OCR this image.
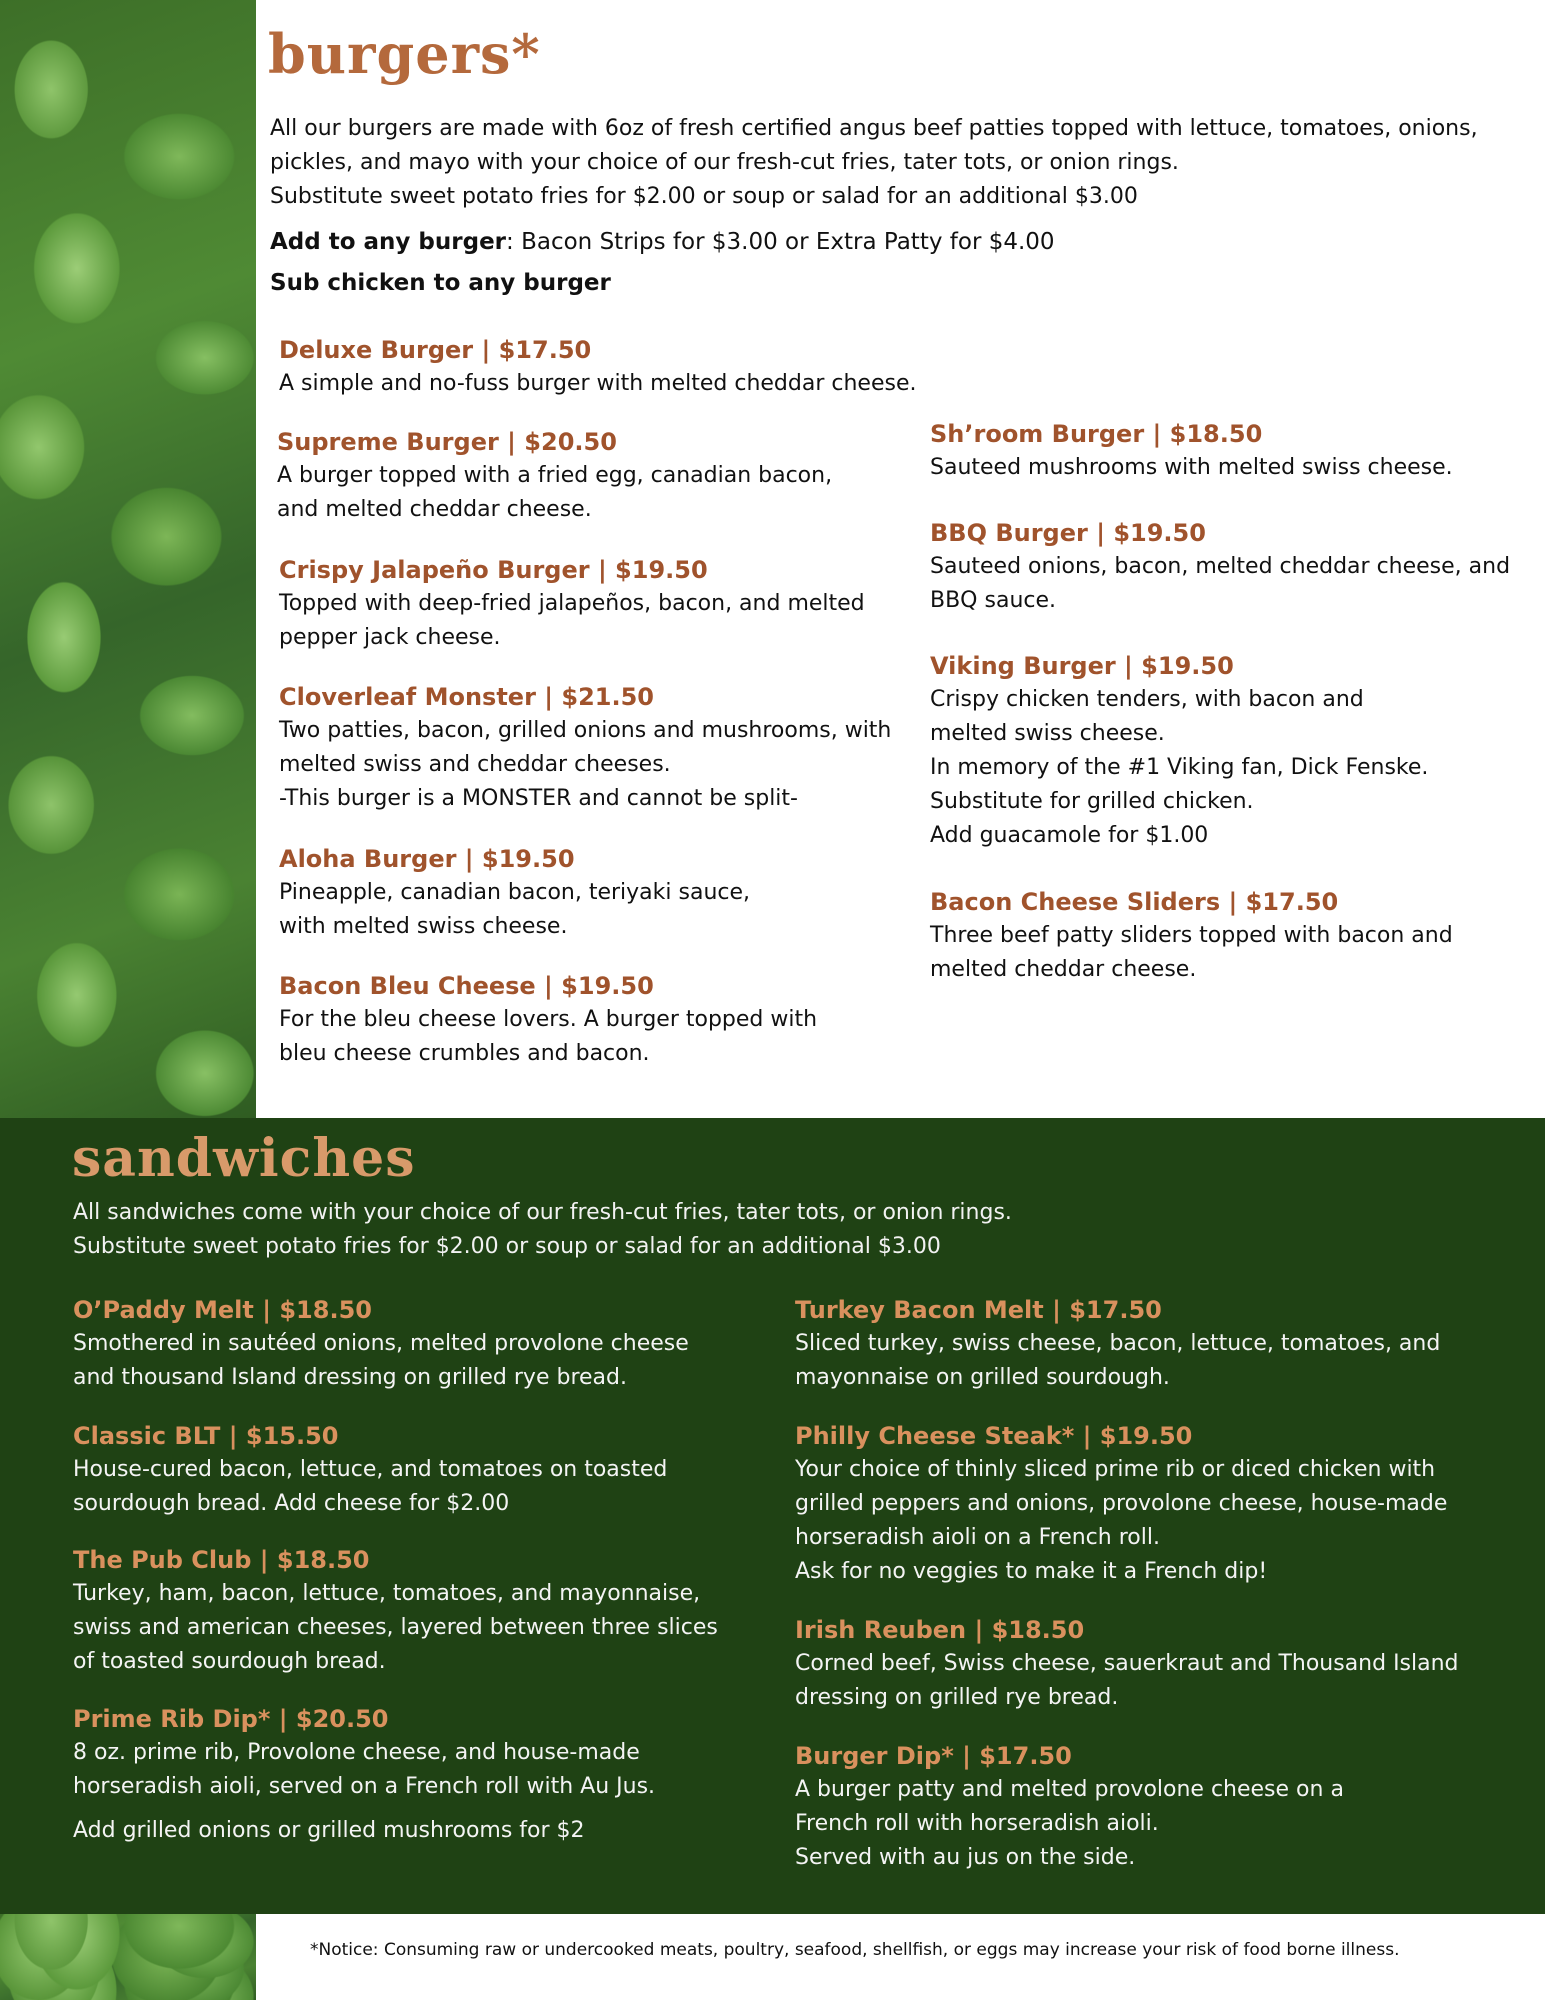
burgers*

All our burgers are made with 6oz of fresh certified angus beef patties topped with lettuce, tomatoes, onions,

pickles, and mayo with your choice of our fresh-cut fries, tater tots, or onion rings.

Substitute sweet potato fries for $2.00 or soup or salad for an additional $3.00

Add to any burger: Bacon Strips for $3.00 or Extra Patty for $4.00
Sub chicken to any burger
Deluxe Burger | $17.50
A simple and no-fuss burger with melted cheddar cheese.
Supreme Burger | $20.50
A burger topped with a fried egg, canadian bacon,
and melted cheddar cheese.
Crispy Jalapeño Burger | $19.50
Topped with deep-fried jalapeños, bacon, and melted
pepper jack cheese.
Cloverleaf Monster | $21.50
Two patties, bacon, grilled onions and mushrooms, with
melted swiss and cheddar cheeses.
-This burger is a MONSTER and cannot be split-
Aloha Burger | $19.50
Pineapple, canadian bacon, teriyaki sauce,
with melted swiss cheese.
Bacon Bleu Cheese | $19.50
For the bleu cheese lovers. A burger topped with
bleu cheese crumbles and bacon.
Sh’room Burger | $18.50
Sauteed mushrooms with melted swiss cheese.
BBQ Burger | $19.50
Sauteed onions, bacon, melted cheddar cheese, and
BBQ sauce.
Viking Burger | $19.50
Crispy chicken tenders, with bacon and
melted swiss cheese.
In memory of the #1 Viking fan, Dick Fenske.
Substitute for grilled chicken.
Add guacamole for $1.00
Bacon Cheese Sliders | $17.50
Three beef patty sliders topped with bacon and
melted cheddar cheese.
sandwiches

All sandwiches come with your choice of our fresh-cut fries, tater tots, or onion rings.

Substitute sweet potato fries for $2.00 or soup or salad for an additional $3.00

O’Paddy Melt | $18.50
Smothered in sautéed onions, melted provolone cheese
and thousand Island dressing on grilled rye bread.
Classic BLT | $15.50
House-cured bacon, lettuce, and tomatoes on toasted
sourdough bread. Add cheese for $2.00
The Pub Club | $18.50
Turkey, ham, bacon, lettuce, tomatoes, and mayonnaise,
swiss and american cheeses, layered between three slices
of toasted sourdough bread.
Prime Rib Dip* | $20.50
8 oz. prime rib, Provolone cheese, and house-made
horseradish aioli, served on a French roll with Au Jus.
Add grilled onions or grilled mushrooms for $2
Turkey Bacon Melt | $17.50
Sliced turkey, swiss cheese, bacon, lettuce, tomatoes, and
mayonnaise on grilled sourdough.
Philly Cheese Steak* | $19.50
Your choice of thinly sliced prime rib or diced chicken with
grilled peppers and onions, provolone cheese, house-made
horseradish aioli on a French roll.
Ask for no veggies to make it a French dip!
Irish Reuben | $18.50
Corned beef, Swiss cheese, sauerkraut and Thousand Island
dressing on grilled rye bread.
Burger Dip* | $17.50
A burger patty and melted provolone cheese on a
French roll with horseradish aioli.
Served with au jus on the side.
*Notice: Consuming raw or undercooked meats, poultry, seafood, shellfish, or eggs may increase your risk of food borne illness.
